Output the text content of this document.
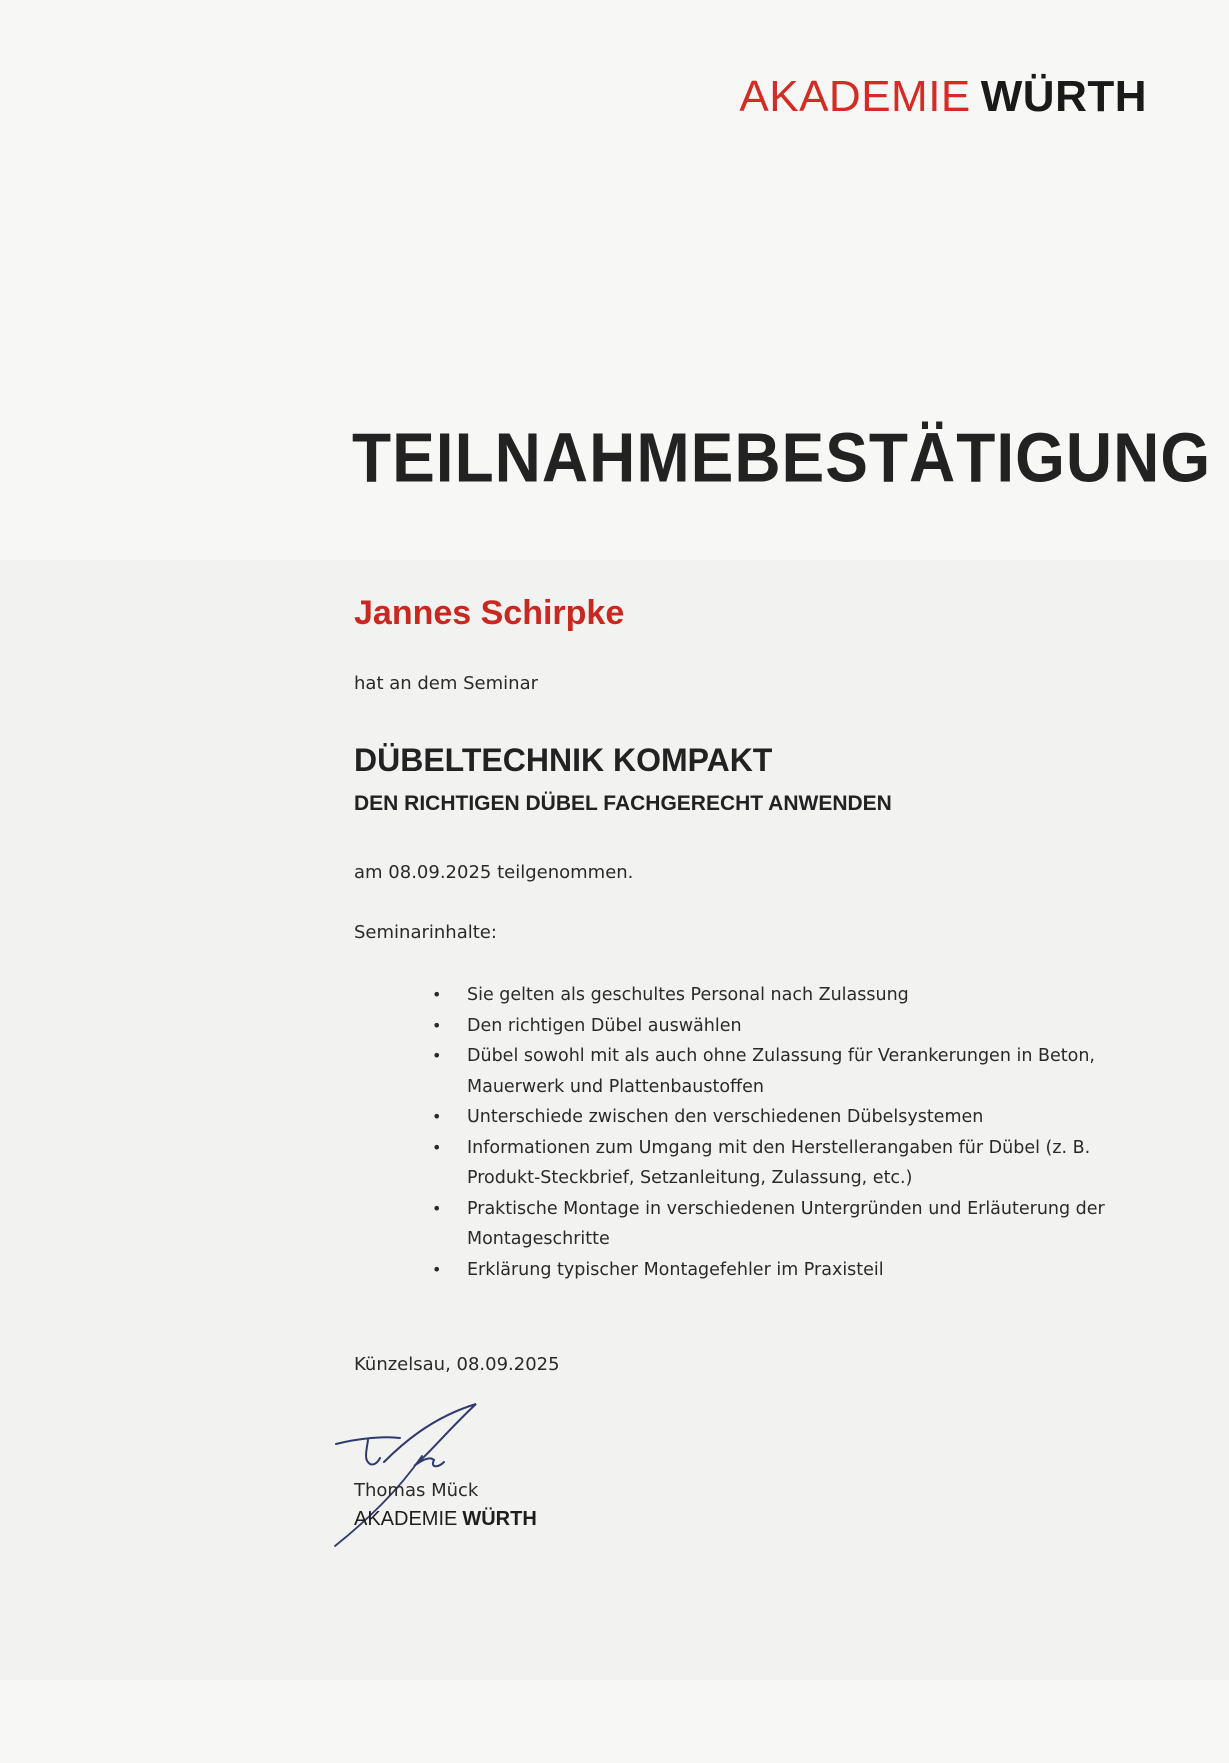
AKADEMIE WÜRTH
TEILNAHMEBESTÄTIGUNG
Jannes Schirpke
hat an dem Seminar
DÜBELTECHNIK KOMPAKT
DEN RICHTIGEN DÜBEL FACHGERECHT ANWENDEN
am 08.09.2025 teilgenommen.
Seminarinhalte:
• Sie gelten als geschultes Personal nach Zulassung
• Den richtigen Dübel auswählen
• Dübel sowohl mit als auch ohne Zulassung für Verankerungen in Beton, Mauerwerk und Plattenbaustoffen
• Unterschiede zwischen den verschiedenen Dübelsystemen
• Informationen zum Umgang mit den Herstellerangaben für Dübel (z. B. Produkt-Steckbrief, Setzanleitung, Zulassung, etc.)
• Praktische Montage in verschiedenen Untergründen und Erläuterung der Montageschritte
• Erklärung typischer Montagefehler im Praxisteil
Künzelsau, 08.09.2025
Thomas Mück
AKADEMIE WÜRTH
